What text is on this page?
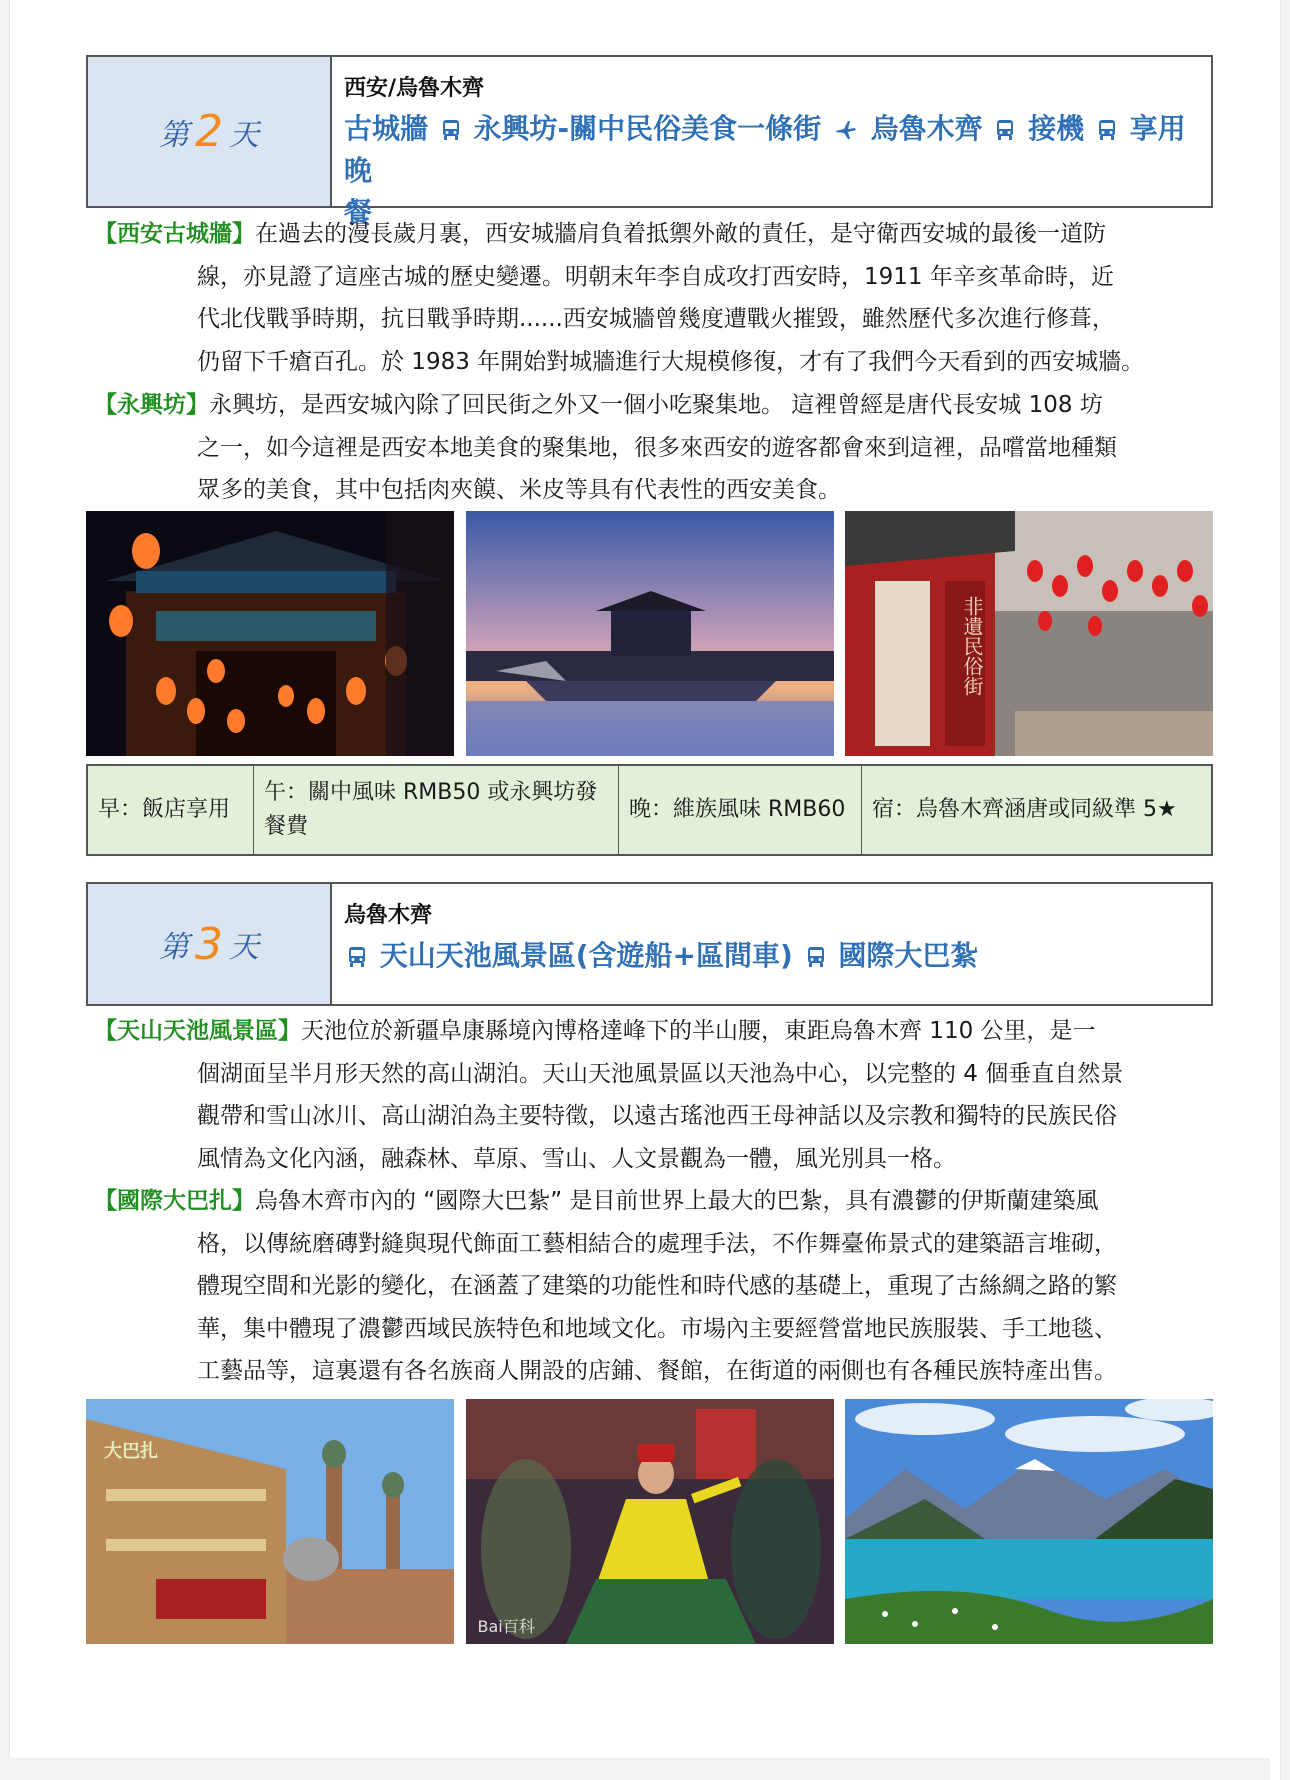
第 2 天
西安/烏魯木齊
古城牆 永興坊-關中民俗美食一條街 烏魯木齊 接機 享用晚
餐
【西安古城牆】在過去的漫長歲月裏，西安城牆肩負着抵禦外敵的責任，是守衛西安城的最後一道防
線，亦見證了這座古城的歷史變遷。明朝末年李自成攻打西安時，1911 年辛亥革命時，近
代北伐戰爭時期，抗日戰爭時期......西安城牆曾幾度遭戰火摧毀，雖然歷代多次進行修葺，
仍留下千瘡百孔。於 1983 年開始對城牆進行大規模修復，才有了我們今天看到的西安城牆。
【永興坊】永興坊，是西安城內除了回民街之外又一個小吃聚集地。 這裡曾經是唐代長安城 108 坊
之一，如今這裡是西安本地美食的聚集地，很多來西安的遊客都會來到這裡，品嚐當地種類
眾多的美食，其中包括肉夾饃、米皮等具有代表性的西安美食。
非遺民俗街
早：飯店享用
午：關中風味 RMB50 或永興坊發
餐費
晚：維族風味 RMB60 宿：烏魯木齊涵唐或同級準 5★
第 3 天
烏魯木齊
天山天池風景區(含遊船+區間車) 國際大巴紮
【天山天池風景區】天池位於新疆阜康縣境內博格達峰下的半山腰，東距烏魯木齊 110 公里，是一
個湖面呈半月形天然的高山湖泊。天山天池風景區以天池為中心，以完整的 4 個垂直自然景
觀帶和雪山冰川、高山湖泊為主要特徵，以遠古瑤池西王母神話以及宗教和獨特的民族民俗
風情為文化內涵，融森林、草原、雪山、人文景觀為一體，風光別具一格。
【國際大巴扎】烏魯木齊市內的 “國際大巴紮” 是目前世界上最大的巴紮，具有濃鬱的伊斯蘭建築風
格，以傳統磨磚對縫與現代飾面工藝相結合的處理手法，不作舞臺佈景式的建築語言堆砌，
體現空間和光影的變化，在涵蓋了建築的功能性和時代感的基礎上，重現了古絲綢之路的繁
華，集中體現了濃鬱西域民族特色和地域文化。市場內主要經營當地民族服裝、手工地毯、
工藝品等，這裏還有各名族商人開設的店鋪、餐館，在街道的兩側也有各種民族特產出售。
大巴扎
Bai百科
